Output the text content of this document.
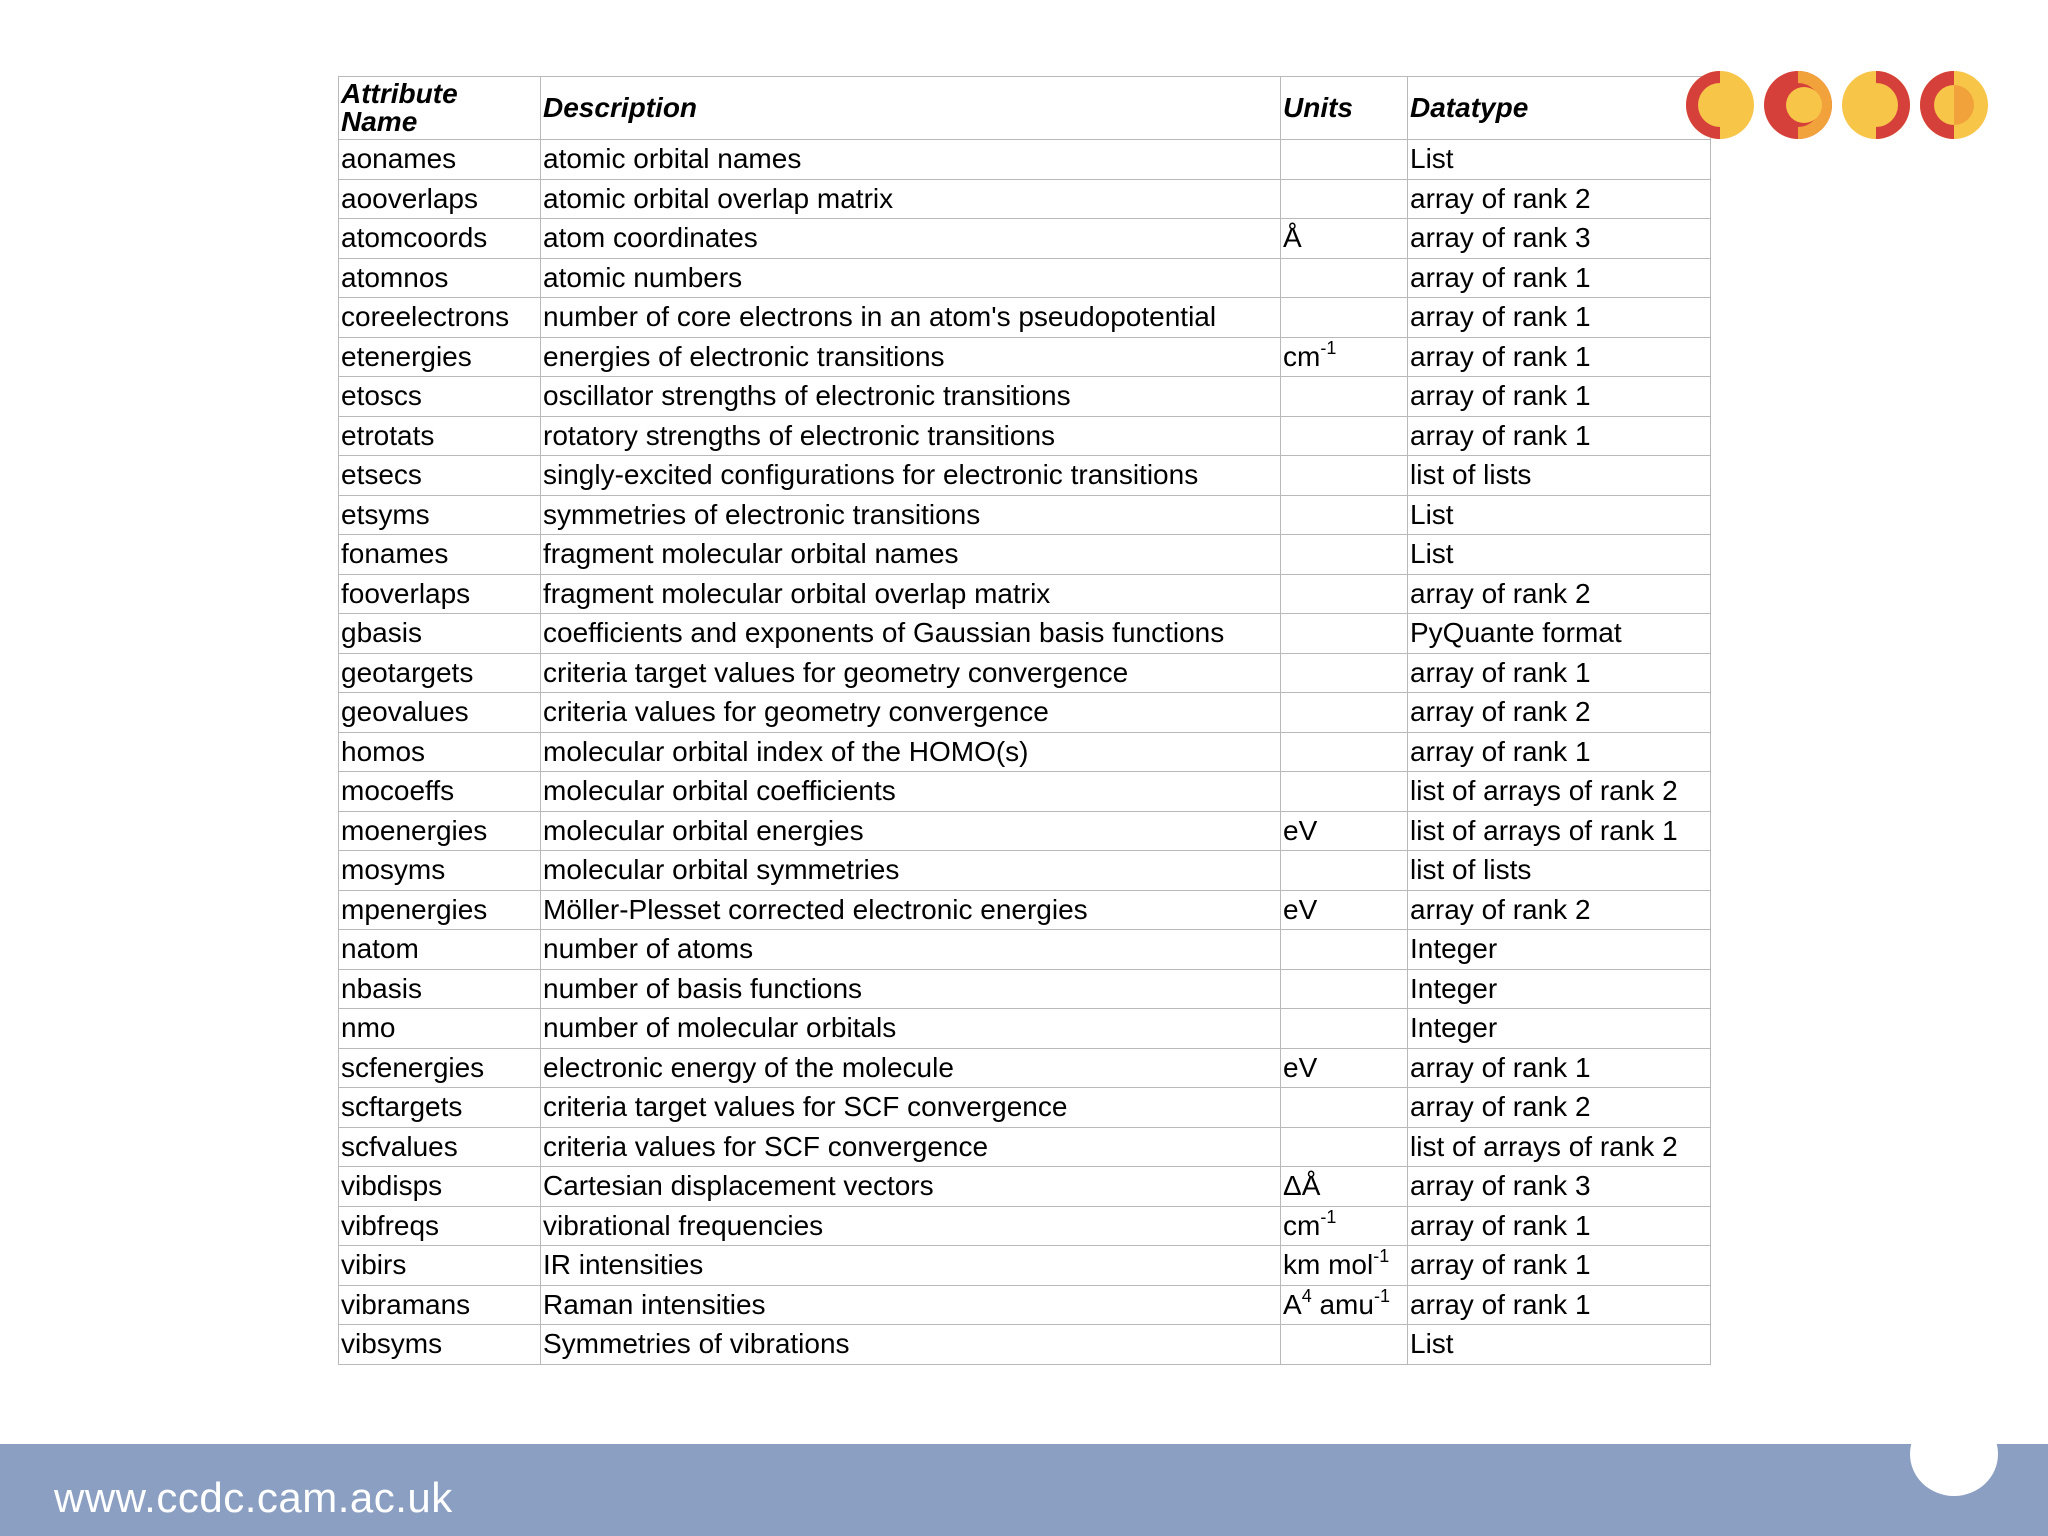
Attribute Name	Description	Units	Datatype
aonames	atomic orbital names		List
aooverlaps	atomic orbital overlap matrix		array of rank 2
atomcoords	atom coordinates	Å	array of rank 3
atomnos	atomic numbers		array of rank 1
coreelectrons	number of core electrons in an atom's pseudopotential		array of rank 1
etenergies	energies of electronic transitions	$cm^{-1}$	array of rank 1
etoscs	oscillator strengths of electronic transitions		array of rank 1
etrotats	rotatory strengths of electronic transitions		array of rank 1
etsecs	singly-excited configurations for electronic transitions		list of lists
etsyms	symmetries of electronic transitions		List
fonames	fragment molecular orbital names		List
fooverlaps	fragment molecular orbital overlap matrix		array of rank 2
gbasis	coefficients and exponents of Gaussian basis functions		PyQuante format
geotargets	criteria target values for geometry convergence		array of rank 1
geovalues	criteria values for geometry convergence		array of rank 2
homos	molecular orbital index of the HOMO(s)		array of rank 1
mocoeffs	molecular orbital coefficients		list of arrays of rank 2
moenergies	molecular orbital energies	eV	list of arrays of rank 1
mosyms	molecular orbital symmetries		list of lists
mpenergies	Möller-Plesset corrected electronic energies	eV	array of rank 2
natom	number of atoms		Integer
nbasis	number of basis functions		Integer
nmo	number of molecular orbitals		Integer
scfenergies	electronic energy of the molecule	eV	array of rank 1
scftargets	criteria target values for SCF convergence		array of rank 2
scfvalues	criteria values for SCF convergence		list of arrays of rank 2
vibdisps	Cartesian displacement vectors	ΔÅ	array of rank 3
vibfreqs	vibrational frequencies	$cm^{-1}$	array of rank 1
vibirs	IR intensities	km mol$^{-1}$	array of rank 1
vibramans	Raman intensities	$A^4$ amu$^{-1}$	array of rank 1
vibsyms	Symmetries of vibrations		List
www.ccdc.cam.ac.uk
